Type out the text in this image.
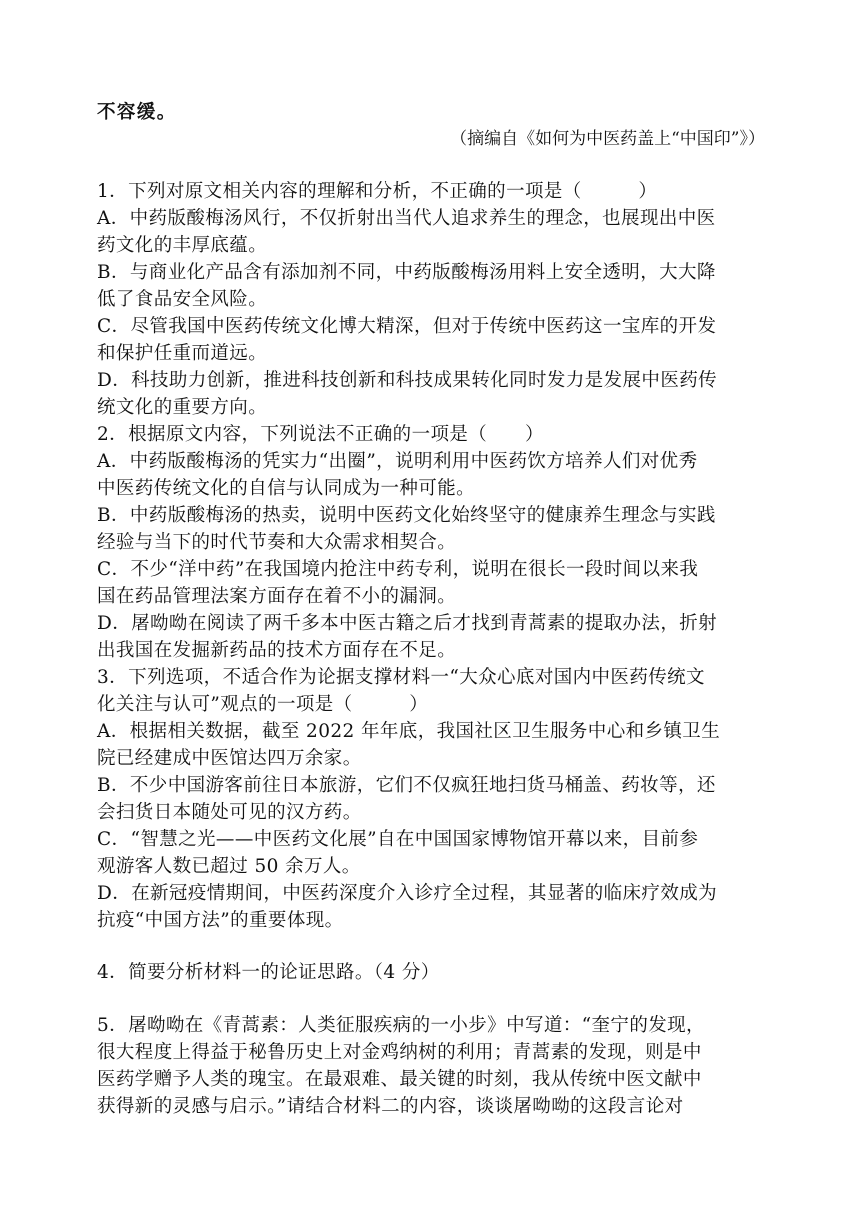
不容缓。
（摘编自《如何为中医药盖上“中国印”》）
1．下列对原文相关内容的理解和分析，不正确的一项是（　　　）
A．中药版酸梅汤风行，不仅折射出当代人追求养生的理念，也展现出中医
药文化的丰厚底蕴。
B．与商业化产品含有添加剂不同，中药版酸梅汤用料上安全透明，大大降
低了食品安全风险。
C．尽管我国中医药传统文化博大精深，但对于传统中医药这一宝库的开发
和保护任重而道远。
D．科技助力创新，推进科技创新和科技成果转化同时发力是发展中医药传
统文化的重要方向。
2．根据原文内容，下列说法不正确的一项是（　　）
A．中药版酸梅汤的凭实力“出圈”，说明利用中医药饮方培养人们对优秀
中医药传统文化的自信与认同成为一种可能。
B．中药版酸梅汤的热卖，说明中医药文化始终坚守的健康养生理念与实践
经验与当下的时代节奏和大众需求相契合。
C．不少“洋中药”在我国境内抢注中药专利，说明在很长一段时间以来我
国在药品管理法案方面存在着不小的漏洞。
D．屠呦呦在阅读了两千多本中医古籍之后才找到青蒿素的提取办法，折射
出我国在发掘新药品的技术方面存在不足。
3．下列选项，不适合作为论据支撑材料一“大众心底对国内中医药传统文
化关注与认可”观点的一项是（　　　）
A．根据相关数据，截至 2022 年年底，我国社区卫生服务中心和乡镇卫生
院已经建成中医馆达四万余家。
B．不少中国游客前往日本旅游，它们不仅疯狂地扫货马桶盖、药妆等，还
会扫货日本随处可见的汉方药。
C．“智慧之光——中医药文化展”自在中国国家博物馆开幕以来，目前参
观游客人数已超过 50 余万人。
D．在新冠疫情期间，中医药深度介入诊疗全过程，其显著的临床疗效成为
抗疫“中国方法”的重要体现。
4．简要分析材料一的论证思路。（4 分）
5．屠呦呦在《青蒿素：人类征服疾病的一小步》中写道：“奎宁的发现，
很大程度上得益于秘鲁历史上对金鸡纳树的利用；青蒿素的发现，则是中
医药学赠予人类的瑰宝。在最艰难、最关键的时刻，我从传统中医文献中
获得新的灵感与启示。”请结合材料二的内容，谈谈屠呦呦的这段言论对
